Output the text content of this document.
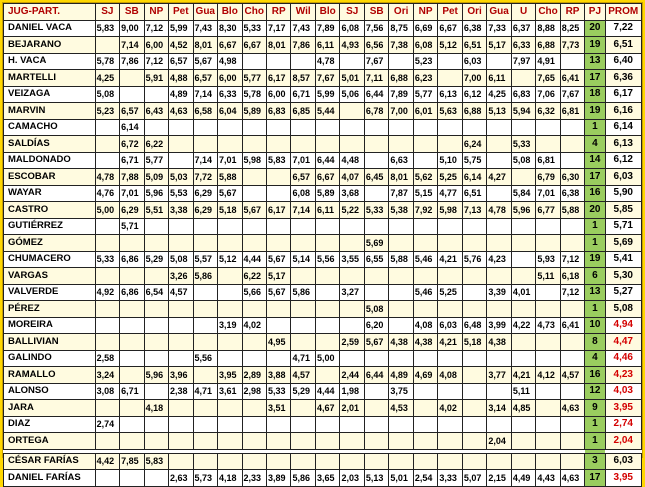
JUG-PART.	SJ	SB	NP	Pet	Gua	Blo	Cho	RP	Wil	Blo	SJ	SB	Ori	NP	Pet	Ori	Gua	U	Cho	RP	PJ	PROM
DANIEL VACA	5,83	9,00	7,12	5,99	7,43	8,30	5,33	7,17	7,43	7,89	6,08	7,56	8,75	6,69	6,67	6,38	7,33	6,37	8,88	8,25	20	7,22
BEJARANO		7,14	6,00	4,52	8,01	6,67	6,67	8,01	7,86	6,11	4,93	6,56	7,38	6,08	5,12	6,51	5,17	6,33	6,88	7,73	19	6,51
H. VACA	5,78	7,86	7,12	6,57	5,67	4,98				4,78		7,67		5,23		6,03		7,97	4,91		13	6,40
MARTELLI	4,25		5,91	4,88	6,57	6,00	5,77	6,17	8,57	7,67	5,01	7,11	6,88	6,23		7,00	6,11		7,65	6,41	17	6,36
VEIZAGA	5,08			4,89	7,14	6,33	5,78	6,00	6,71	5,99	5,06	6,44	7,89	5,77	6,13	6,12	4,25	6,83	7,06	7,67	18	6,17
MARVIN	5,23	6,57	6,43	4,63	6,58	6,04	5,89	6,83	6,85	5,44		6,78	7,00	6,01	5,63	6,88	5,13	5,94	6,32	6,81	19	6,16
CAMACHO		6,14																			1	6,14
SALDÍAS		6,72	6,22													6,24		5,33			4	6,13
MALDONADO		6,71	5,77		7,14	7,01	5,98	5,83	7,01	6,44	4,48		6,63		5,10	5,75		5,08	6,81		14	6,12
ESCOBAR	4,78	7,88	5,09	5,03	7,72	5,88			6,57	6,67	4,07	6,45	8,01	5,62	5,25	6,14	4,27		6,79	6,30	17	6,03
WAYAR	4,76	7,01	5,96	5,53	6,29	5,67			6,08	5,89	3,68		7,87	5,15	4,77	6,51		5,84	7,01	6,38	16	5,90
CASTRO	5,00	6,29	5,51	3,38	6,29	5,18	5,67	6,17	7,14	6,11	5,22	5,33	5,38	7,92	5,98	7,13	4,78	5,96	6,77	5,88	20	5,85
GUTIÉRREZ		5,71																			1	5,71
GÓMEZ												5,69									1	5,69
CHUMACERO	5,33	6,86	5,29	5,08	5,57	5,12	4,44	5,67	5,14	5,56	3,55	6,55	5,88	5,46	4,21	5,76	4,23		5,93	7,12	19	5,41
VARGAS				3,26	5,86		6,22	5,17											5,11	6,18	6	5,30
VALVERDE	4,92	6,86	6,54	4,57			5,66	5,67	5,86		3,27			5,46	5,25		3,39	4,01		7,12	13	5,27
PÉREZ												5,08									1	5,08
MOREIRA						3,19	4,02					6,20		4,08	6,03	6,48	3,99	4,22	4,73	6,41	10	4,94
BALLIVIAN								4,95			2,59	5,67	4,38	4,38	4,21	5,18	4,38				8	4,47
GALINDO	2,58				5,56				4,71	5,00											4	4,46
RAMALLO	3,24		5,96	3,96		3,95	2,89	3,88	4,57		2,44	6,44	4,89	4,69	4,08		3,77	4,21	4,12	4,57	16	4,23
ALONSO	3,08	6,71		2,38	4,71	3,61	2,98	5,33	5,29	4,44	1,98		3,75					5,11			12	4,03
JARA			4,18					3,51		4,67	2,01		4,53		4,02		3,14	4,85		4,63	9	3,95
DIAZ	2,74																				1	2,74
ORTEGA																	2,04				1	2,04

CÉSAR FARÍAS	4,42	7,85	5,83																		3	6,03
DANIEL FARÍAS				2,63	5,73	4,18	2,33	3,89	5,86	3,65	2,03	5,13	5,01	2,54	3,33	5,07	2,15	4,49	4,43	4,63	17	3,95
